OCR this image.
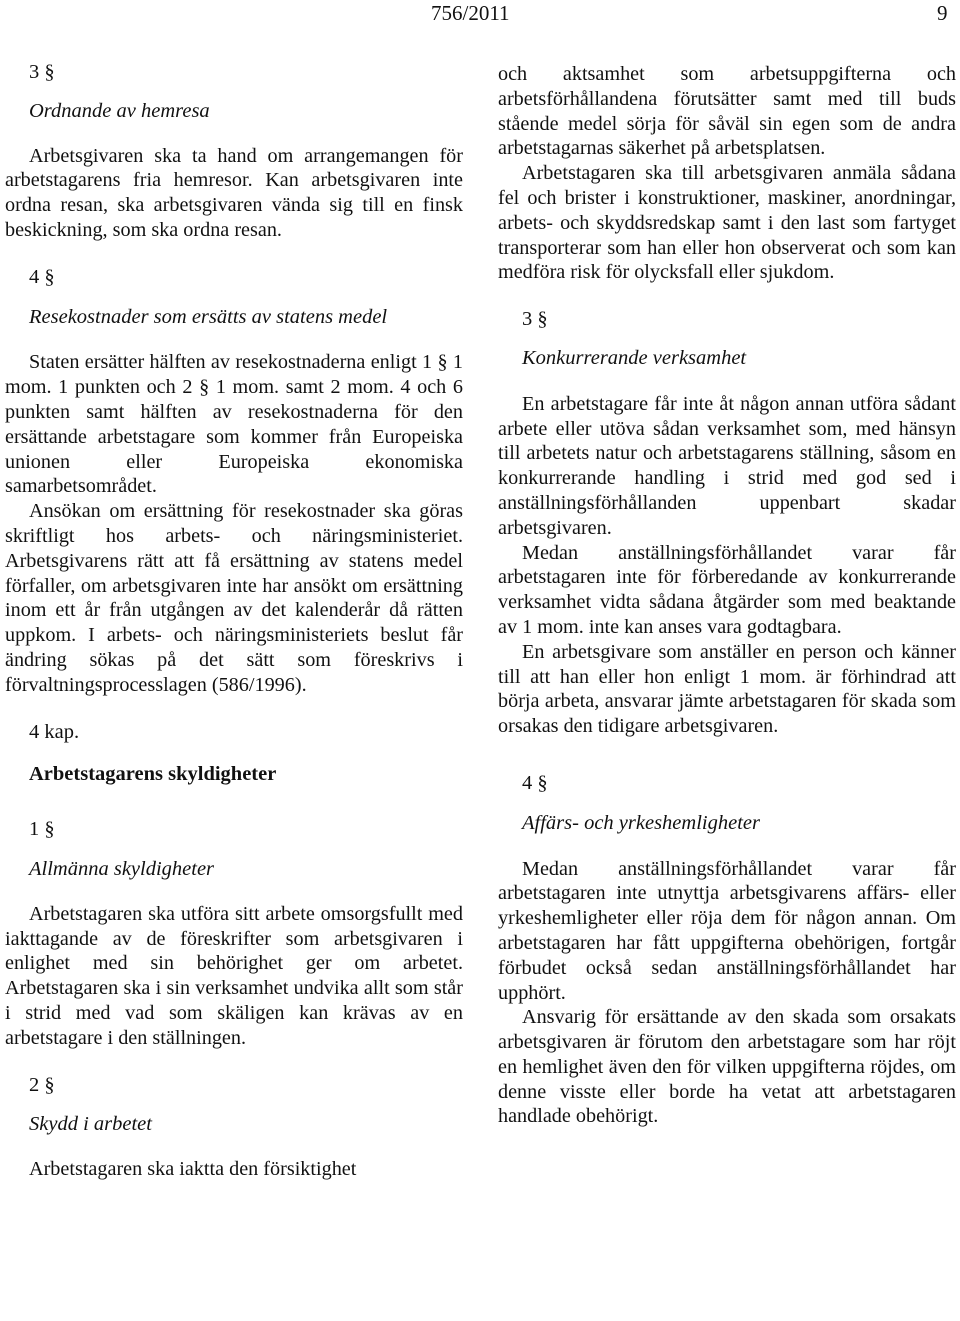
756/2011	9

3 §

Ordnande av hemresa

Arbetsgivaren ska ta hand om arrangemangen för arbetstagarens fria hemresor. Kan arbetsgivaren inte ordna resan, ska arbetsgivaren vända sig till en finsk beskickning, som ska ordna resan.

4 §

Resekostnader som ersätts av statens medel

Staten ersätter hälften av resekostnaderna enligt 1 § 1 mom. 1 punkten och 2 § 1 mom. samt 2 mom. 4 och 6 punkten samt hälften av resekostnaderna för den ersättande arbetstagare som kommer från Europeiska unionen eller Europeiska ekonomiska samarbetsområdet.

Ansökan om ersättning för resekostnader ska göras skriftligt hos arbets- och näringsministeriet. Arbetsgivarens rätt att få ersättning av statens medel förfaller, om arbetsgivaren inte har ansökt om ersättning inom ett år från utgången av det kalenderår då rätten uppkom. I arbets- och näringsministeriets beslut får ändring sökas på det sätt som föreskrivs i förvaltningsprocesslagen (586/1996).

4 kap.

Arbetstagarens skyldigheter

1 §

Allmänna skyldigheter

Arbetstagaren ska utföra sitt arbete omsorgsfullt med iakttagande av de föreskrifter som arbetsgivaren i enlighet med sin behörighet ger om arbetet. Arbetstagaren ska i sin verksamhet undvika allt som står i strid med vad som skäligen kan krävas av en arbetstagare i den ställningen.

2 §

Skydd i arbetet

Arbetstagaren ska iaktta den försiktighet

och aktsamhet som arbetsuppgifterna och arbetsförhållandena förutsätter samt med till buds stående medel sörja för såväl sin egen som de andra arbetstagarnas säkerhet på arbetsplatsen.

Arbetstagaren ska till arbetsgivaren anmäla sådana fel och brister i konstruktioner, maskiner, anordningar, arbets- och skyddsredskap samt i den last som fartyget transporterar som han eller hon observerat och som kan medföra risk för olycksfall eller sjukdom.

3 §

Konkurrerande verksamhet

En arbetstagare får inte åt någon annan utföra sådant arbete eller utöva sådan verksamhet som, med hänsyn till arbetets natur och arbetstagarens ställning, såsom en konkurrerande handling i strid med god sed i anställningsförhållanden uppenbart skadar arbetsgivaren.

Medan anställningsförhållandet varar får arbetstagaren inte för förberedande av konkurrerande verksamhet vidta sådana åtgärder som med beaktande av 1 mom. inte kan anses vara godtagbara.

En arbetsgivare som anställer en person och känner till att han eller hon enligt 1 mom. är förhindrad att börja arbeta, ansvarar jämte arbetstagaren för skada som orsakas den tidigare arbetsgivaren.

4 §

Affärs- och yrkeshemligheter

Medan anställningsförhållandet varar får arbetstagaren inte utnyttja arbetsgivarens affärs- eller yrkeshemligheter eller röja dem för någon annan. Om arbetstagaren har fått uppgifterna obehörigen, fortgår förbudet också sedan anställningsförhållandet har upphört.

Ansvarig för ersättande av den skada som orsakats arbetsgivaren är förutom den arbetstagare som har röjt en hemlighet även den för vilken uppgifterna röjdes, om denne visste eller borde ha vetat att arbetstagaren handlade obehörigt.
